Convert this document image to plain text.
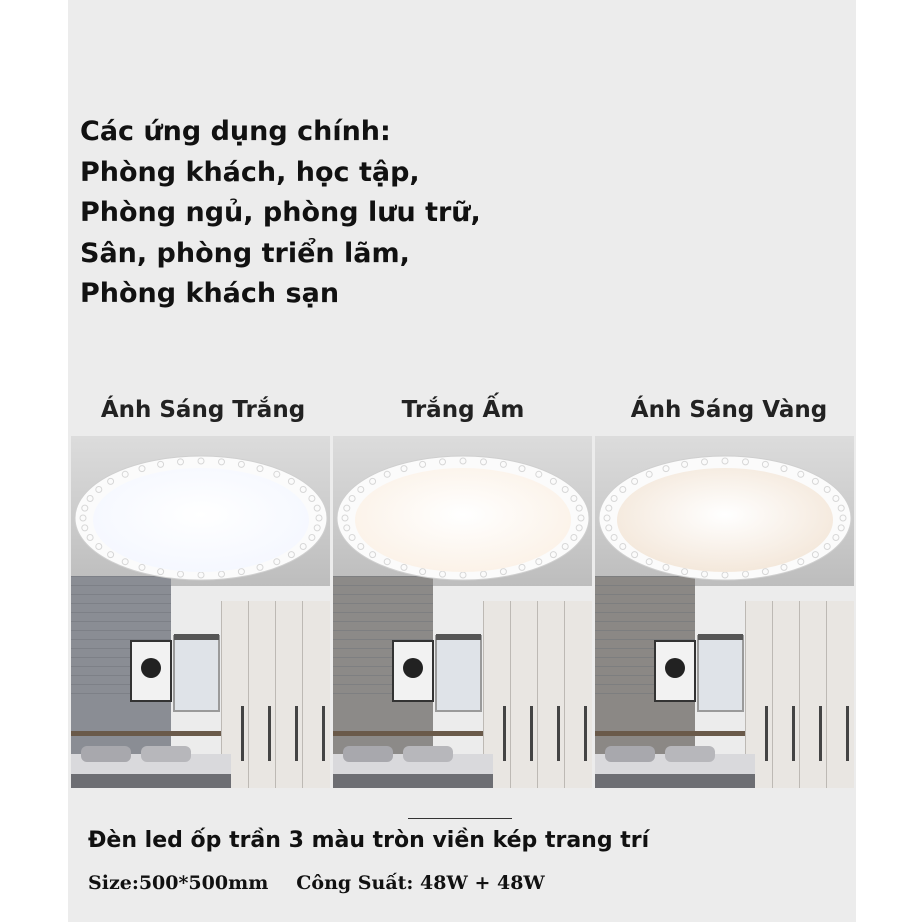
Các ứng dụng chính:
Phòng khách, học tập,
Phòng ngủ, phòng lưu trữ,
Sân, phòng triển lãm,
Phòng khách sạn
Ánh Sáng Trắng	Trắng Ấm	Ánh Sáng Vàng
Đèn led ốp trần 3 màu tròn viền kép trang trí
Size:500*500mm Công Suất: 48W + 48W
